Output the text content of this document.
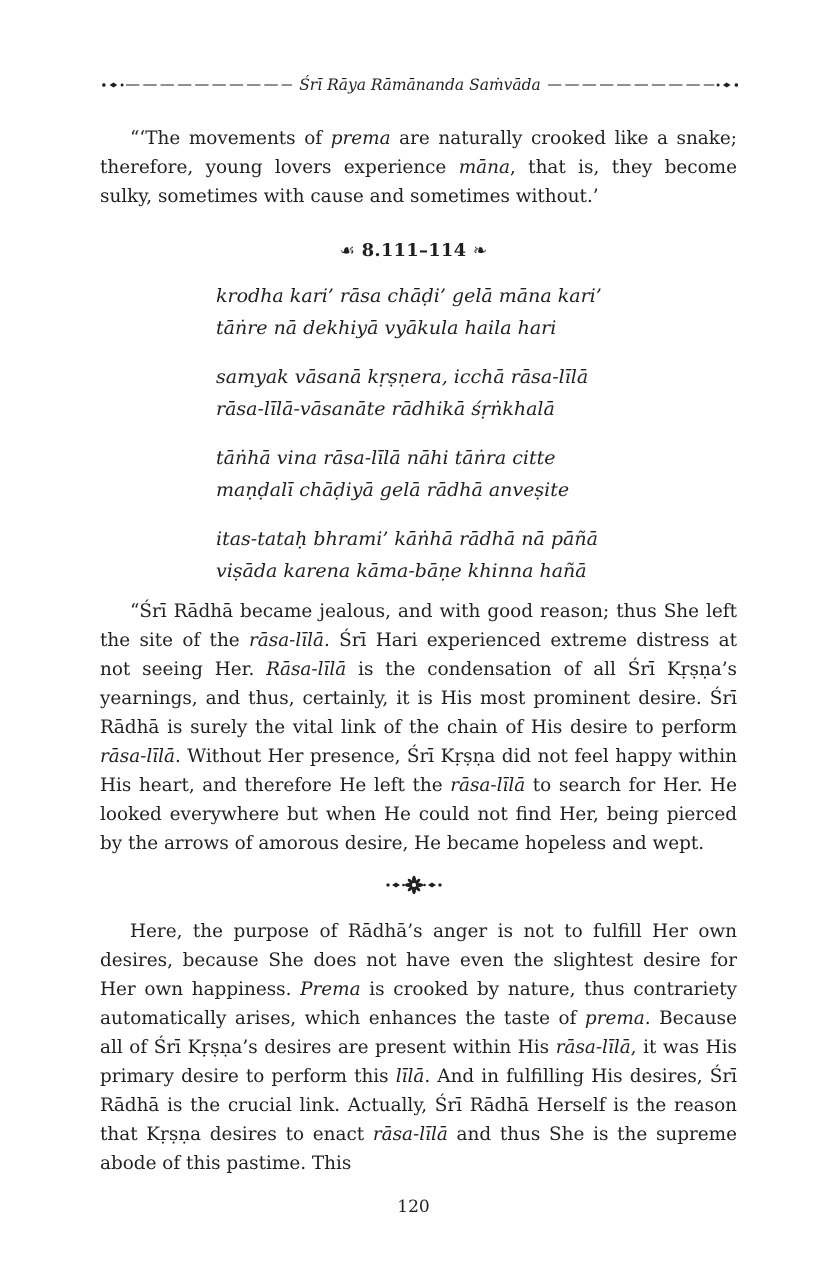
Śrī Rāya Rāmānanda Saṁvāda

“‘The movements of prema are naturally crooked like a snake; therefore, young lovers experience māna, that is, they become sulky, sometimes with cause and sometimes without.’

☙ 8.111–114 ❧
krodha kari’ rāsa chāḍi’ gelā māna kari’
tāṅre nā dekhiyā vyākula haila hari
samyak vāsanā kṛṣṇera, icchā rāsa-līlā
rāsa-līlā-vāsanāte rādhikā śṛṅkhalā
tāṅhā vina rāsa-līlā nāhi tāṅra citte
maṇḍalī chāḍiyā gelā rādhā anveṣite
itas-tataḥ bhrami’ kāṅhā rādhā nā pāñā
viṣāda karena kāma-bāṇe khinna hañā

“Śrī Rādhā became jealous, and with good reason; thus She left the site of the rāsa-līlā. Śrī Hari experienced extreme distress at not seeing Her. Rāsa-līlā is the condensation of all Śrī Kṛṣṇa’s yearnings, and thus, certainly, it is His most prominent desire. Śrī Rādhā is surely the vital link of the chain of His desire to perform rāsa-līlā. Without Her presence, Śrī Kṛṣṇa did not feel happy within His heart, and therefore He left the rāsa-līlā to search for Her. He looked everywhere but when He could not find Her, being pierced by the arrows of amorous desire, He became hopeless and wept.

Here, the purpose of Rādhā’s anger is not to fulfill Her own desires, because She does not have even the slightest desire for Her own happiness. Prema is crooked by nature, thus contrariety automatically arises, which enhances the taste of prema. Because all of Śrī Kṛṣṇa’s desires are present within His rāsa-līlā, it was His primary desire to perform this līlā. And in fulfilling His desires, Śrī Rādhā is the crucial link. Actually, Śrī Rādhā Herself is the reason that Kṛṣṇa desires to enact rāsa-līlā and thus She is the supreme abode of this pastime. This

120
